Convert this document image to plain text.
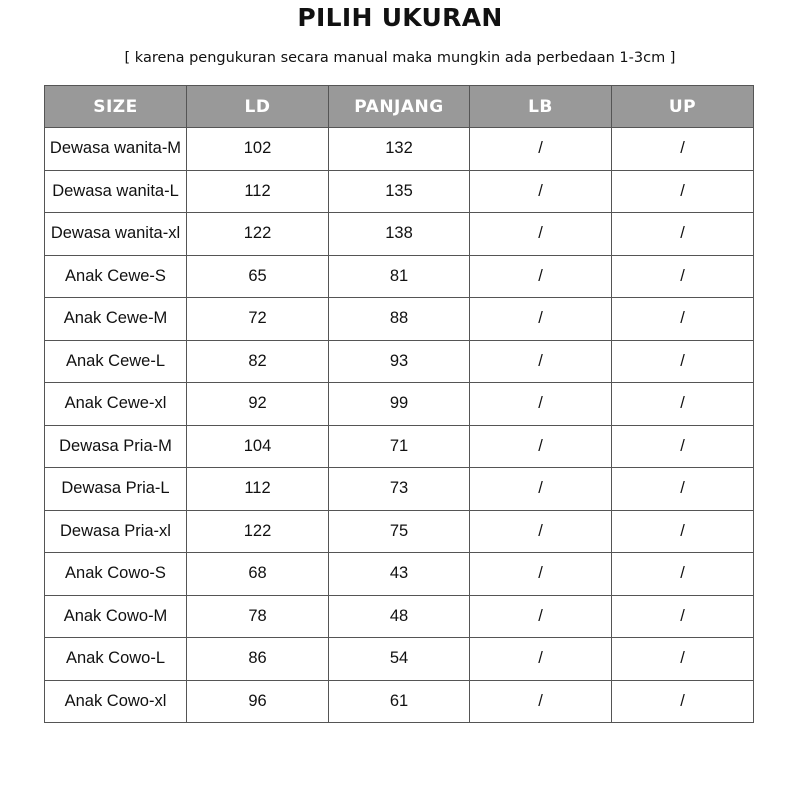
PILIH UKURAN
[ karena pengukuran secara manual maka mungkin ada perbedaan 1-3cm ]
SIZE	LD	PANJANG	LB	UP
Dewasa wanita-M	102	132	/	/
Dewasa wanita-L	112	135	/	/
Dewasa wanita-xl	122	138	/	/
Anak Cewe-S	65	81	/	/
Anak Cewe-M	72	88	/	/
Anak Cewe-L	82	93	/	/
Anak Cewe-xl	92	99	/	/
Dewasa Pria-M	104	71	/	/
Dewasa Pria-L	112	73	/	/
Dewasa Pria-xl	122	75	/	/
Anak Cowo-S	68	43	/	/
Anak Cowo-M	78	48	/	/
Anak Cowo-L	86	54	/	/
Anak Cowo-xl	96	61	/	/
